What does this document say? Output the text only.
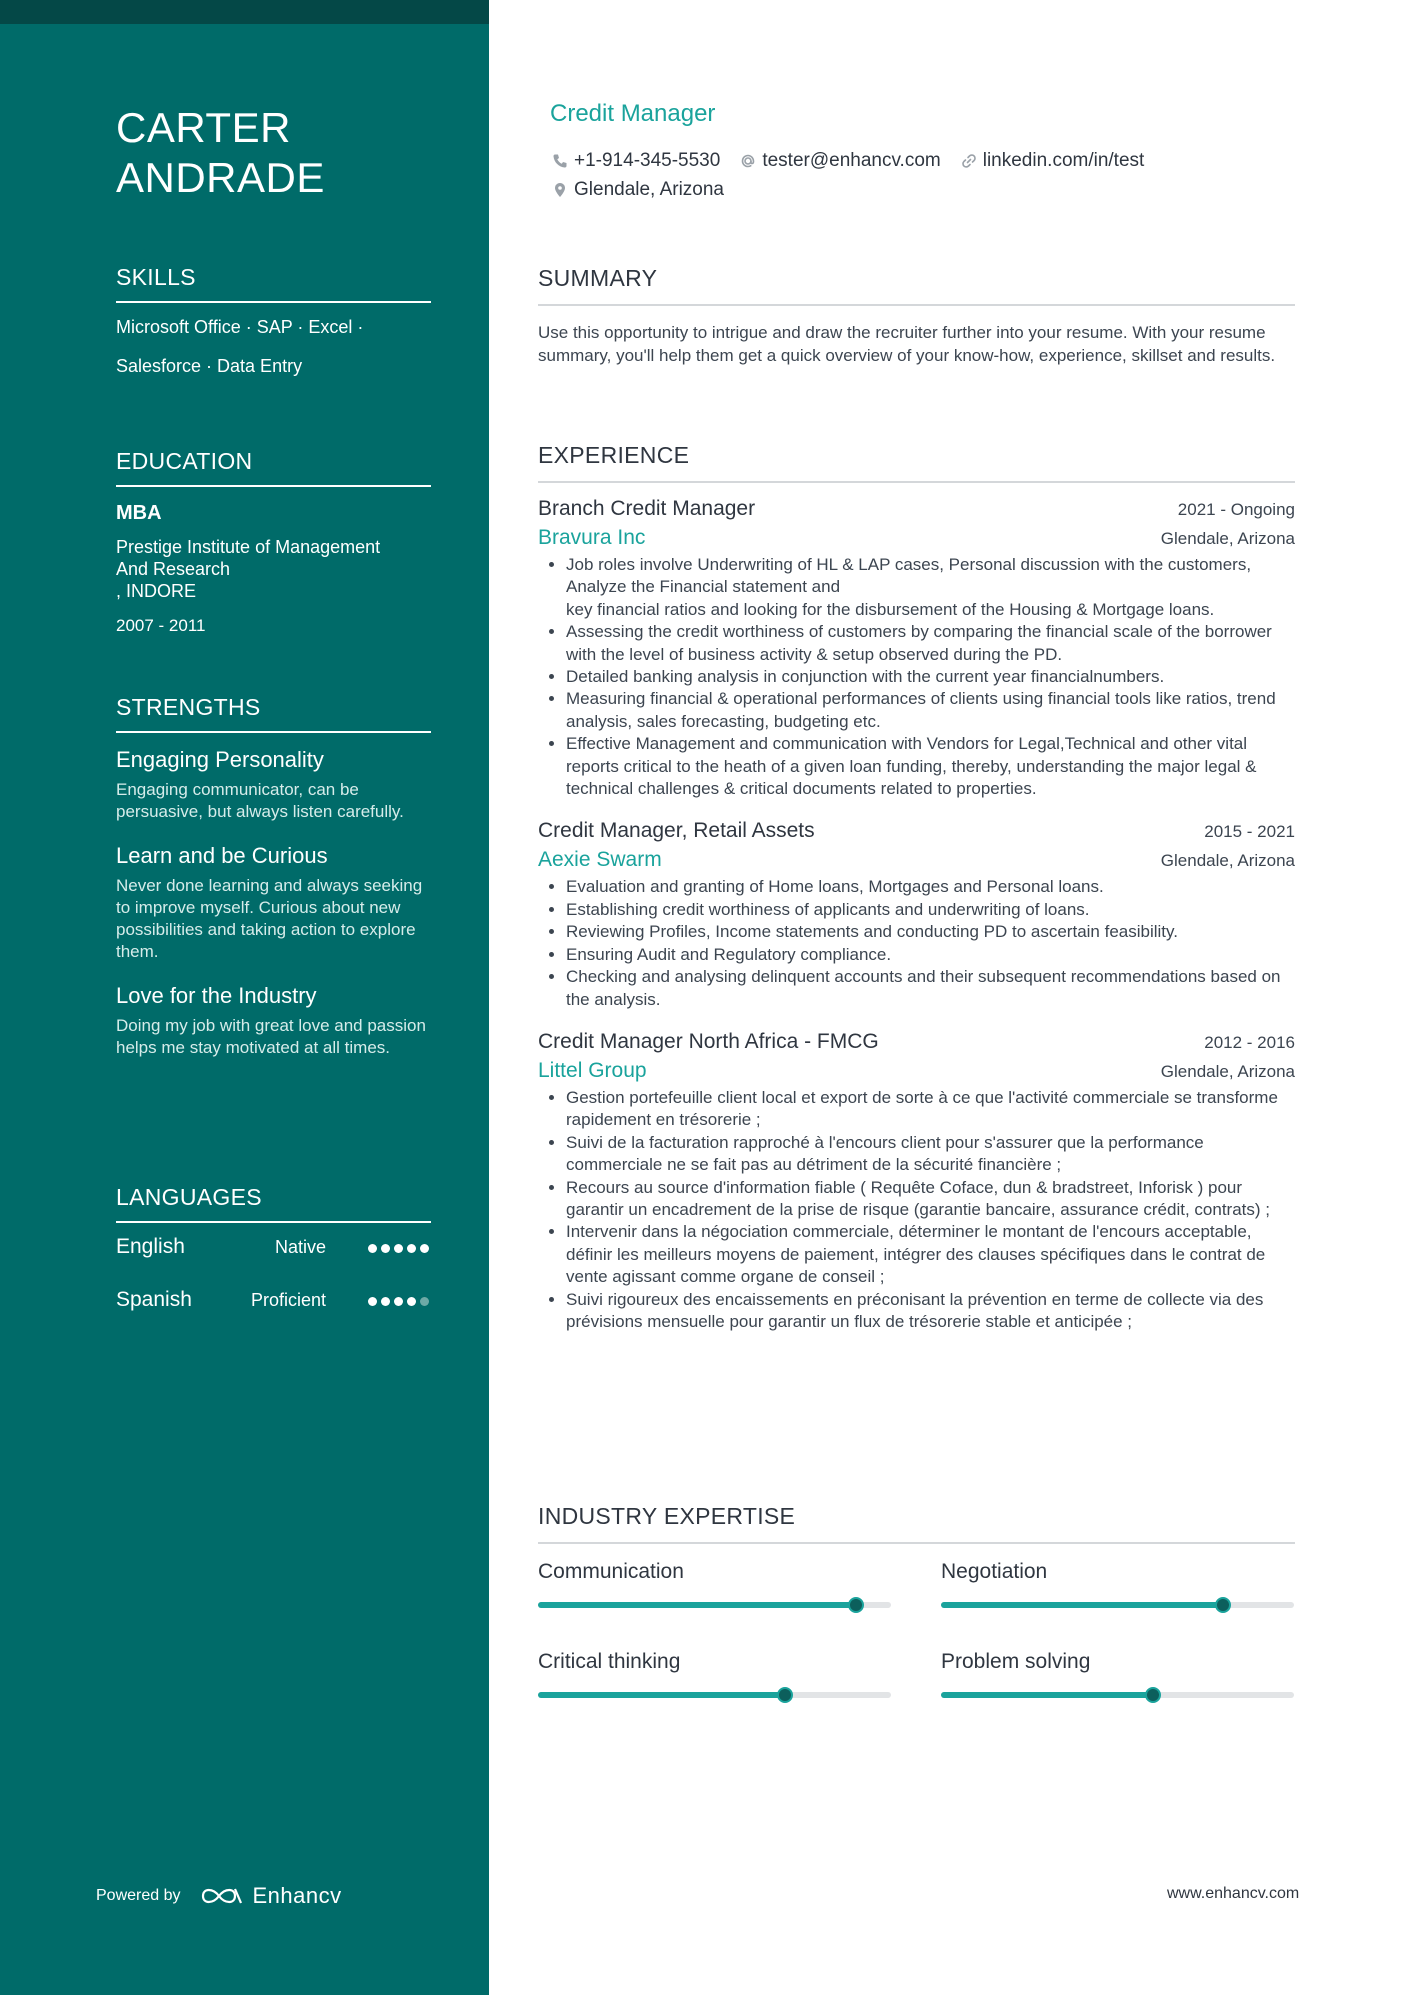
CARTER
ANDRADE
SKILLS
Microsoft Office · SAP · Excel ·
Salesforce · Data Entry
EDUCATION
MBA
Prestige Institute of Management
And Research
, INDORE
2007 - 2011
STRENGTHS
Engaging Personality
Engaging communicator, can be persuasive, but always listen carefully.
Learn and be Curious
Never done learning and always seeking to improve myself. Curious about new possibilities and taking action to explore them.
Love for the Industry
Doing my job with great love and passion helps me stay motivated at all times.
LANGUAGES
English	Native
Spanish	Proficient
Powered by	Enhancv
Credit Manager
+1-914-345-5530 tester@enhancv.com linkedin.com/in/test
Glendale, Arizona
SUMMARY
Use this opportunity to intrigue and draw the recruiter further into your resume. With your resume summary, you'll help them get a quick overview of your know-how, experience, skillset and results.
EXPERIENCE
Branch Credit Manager	2021 - Ongoing
Bravura Inc	Glendale, Arizona
• Job roles involve Underwriting of HL & LAP cases, Personal discussion with the customers, Analyze the Financial statement and
key financial ratios and looking for the disbursement of the Housing & Mortgage loans.
• Assessing the credit worthiness of customers by comparing the financial scale of the borrower with the level of business activity & setup observed during the PD.
• Detailed banking analysis in conjunction with the current year financialnumbers.
• Measuring financial & operational performances of clients using financial tools like ratios, trend analysis, sales forecasting, budgeting etc.
• Effective Management and communication with Vendors for Legal,Technical and other vital reports critical to the heath of a given loan funding, thereby, understanding the major legal & technical challenges & critical documents related to properties.
Credit Manager, Retail Assets	2015 - 2021
Aexie Swarm	Glendale, Arizona
• Evaluation and granting of Home loans, Mortgages and Personal loans.
• Establishing credit worthiness of applicants and underwriting of loans.
• Reviewing Profiles, Income statements and conducting PD to ascertain feasibility.
• Ensuring Audit and Regulatory compliance.
• Checking and analysing delinquent accounts and their subsequent recommendations based on the analysis.
Credit Manager North Africa - FMCG	2012 - 2016
Littel Group	Glendale, Arizona
• Gestion portefeuille client local et export de sorte à ce que l'activité commerciale se transforme rapidement en trésorerie ;
• Suivi de la facturation rapproché à l'encours client pour s'assurer que la performance commerciale ne se fait pas au détriment de la sécurité financière ;
• Recours au source d'information fiable ( Requête Coface, dun & bradstreet, Inforisk ) pour garantir un encadrement de la prise de risque (garantie bancaire, assurance crédit, contrats) ;
• Intervenir dans la négociation commerciale, déterminer le montant de l'encours acceptable, définir les meilleurs moyens de paiement, intégrer des clauses spécifiques dans le contrat de vente agissant comme organe de conseil ;
• Suivi rigoureux des encaissements en préconisant la prévention en terme de collecte via des prévisions mensuelle pour garantir un flux de trésorerie stable et anticipée ;
INDUSTRY EXPERTISE
Communication	Negotiation
Critical thinking	Problem solving
www.enhancv.com
